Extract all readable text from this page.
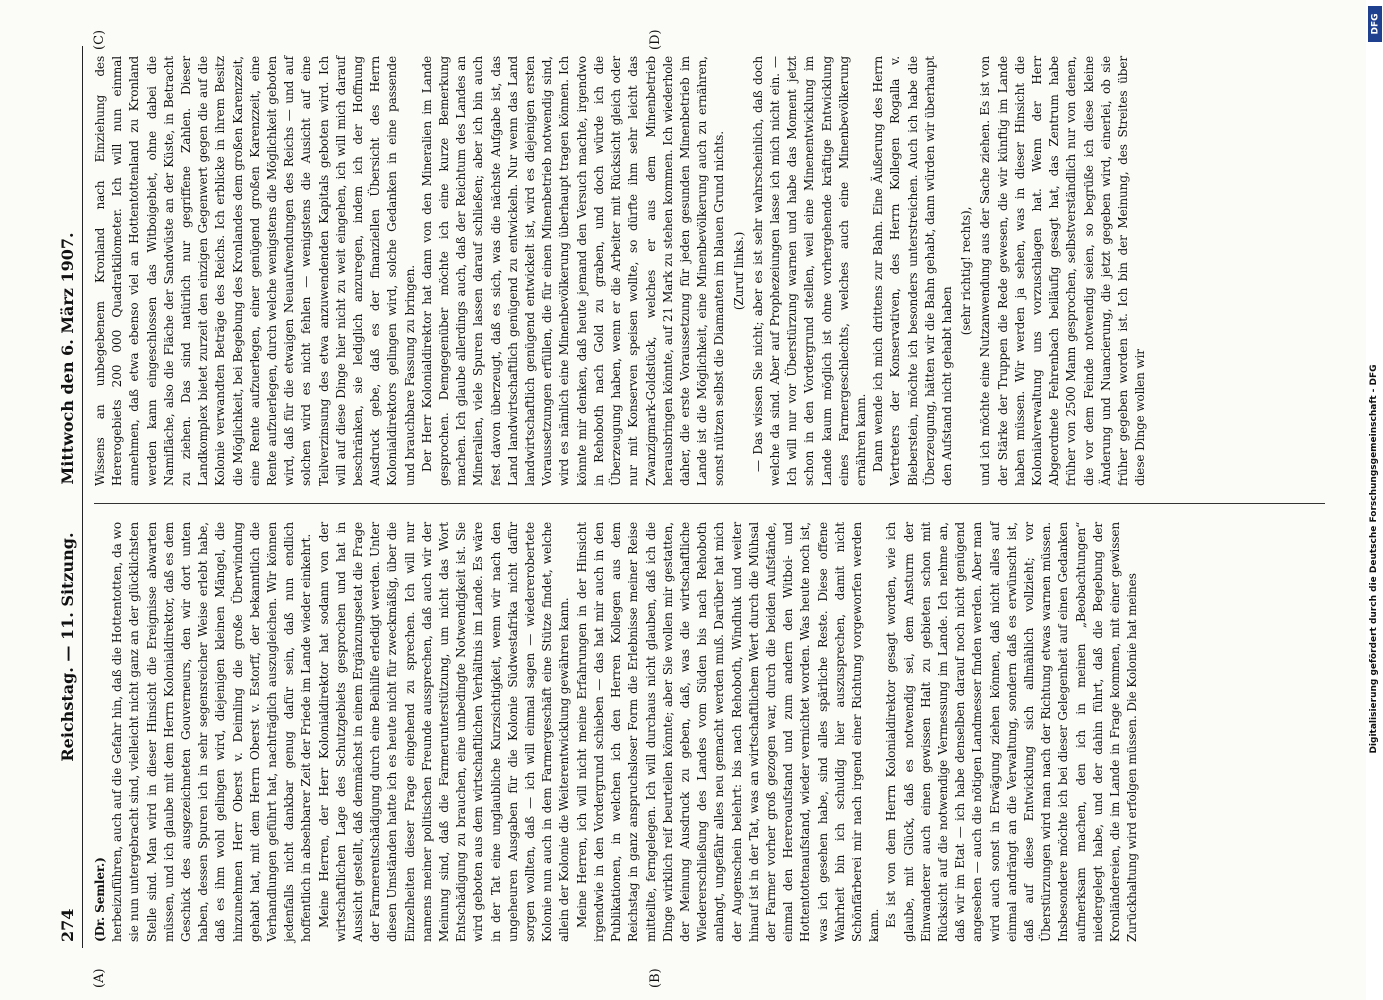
274
Reichstag. — 11. Sitzung.Mittwoch den 6. März 1907.
(A)	(B)
(C)	(D)

(Dr. Semler.) herbeizuführen, auch auf die Gefahr hin, daß die Hottentotten, da wo sie nun untergebracht sind, vielleicht nicht ganz an der glücklichsten Stelle sind. Man wird in dieser Hinsicht die Ereignisse abwarten müssen, und ich glaube mit dem Herrn Kolonialdirektor, daß es dem Geschick des ausgezeichneten Gouverneurs, den wir dort unten haben, dessen Spuren ich in sehr segensreicher Weise erlebt habe, daß es ihm wohl gelingen wird, diejenigen kleinen Mängel, die hinzunehmen Herr Oberst v. Deimling die große Überwindung gehabt hat, mit dem Herrn Oberst v. Estorff, der bekanntlich die Verhandlungen geführt hat, nachträglich auszugleichen. Wir können jedenfalls nicht dankbar genug dafür sein, daß nun endlich hoffentlich in absehbarer Zeit der Friede im Lande wieder einkehrt. Meine Herren, der Herr Kolonialdirektor hat sodann von der wirtschaftlichen Lage des Schutzgebiets gesprochen und hat in Aussicht gestellt, daß demnächst in einem Ergänzungsetat die Frage der Farmerentschädigung durch eine Beihilfe erledigt werden. Unter diesen Umständen hatte ich es heute nicht für zweckmäßig, über die Einzelheiten dieser Frage eingehend zu sprechen. Ich will nur namens meiner politischen Freunde aussprechen, daß auch wir der Meinung sind, daß die Farmerunterstützung, um nicht das Wort Entschädigung zu brauchen, eine unbedingte Notwendigkeit ist. Sie wird geboten aus dem wirtschaftlichen Verhältnis im Lande. Es wäre in der Tat eine unglaubliche Kurzsichtigkeit, wenn wir nach den ungeheuren Ausgaben für die Kolonie Südwestafrika nicht dafür sorgen wollten, daß — ich will einmal sagen — wiedererobertete Kolonie nun auch in dem Farmergeschäft eine Stütze findet, welche allein der Kolonie die Weiterentwicklung gewähren kann. Meine Herren, ich will nicht meine Erfahrungen in der Hinsicht irgendwie in den Vordergrund schieben — das hat mir auch in den Publikationen, in welchen ich den Herren Kollegen aus dem Reichstag in ganz anspruchsloser Form die Erlebnisse meiner Reise mitteilte, ferngelegen. Ich will durchaus nicht glauben, daß ich die Dinge wirklich reif beurteilen könnte; aber Sie wollen mir gestatten, der Meinung Ausdruck zu geben, daß, was die wirtschaftliche Wiedererschließung des Landes vom Süden bis nach Rehoboth anlangt, ungefähr alles neu gemacht werden muß. Darüber hat mich der Augenschein belehrt: bis nach Rehoboth, Windhuk und weiter hinauf ist in der Tat, was an wirtschaftlichem Wert durch die Mühsal der Farmer vorher groß gezogen war, durch die beiden Aufstände, einmal den Hereroaufstand und zum andern den Witboi- und Hottentottenaufstand, wieder vernichtet worden. Was heute noch ist, was ich gesehen habe, sind alles spärliche Reste. Diese offene Wahrheit bin ich schuldig hier auszusprechen, damit nicht Schönfärberei mir nach irgend einer Richtung vorgeworfen werden kann. Es ist von dem Herrn Kolonialdirektor gesagt worden, wie ich glaube, mit Glück, daß es notwendig sei, dem Ansturm der Einwanderer auch einen gewissen Halt zu gebieten schon mit Rücksicht auf die notwendige Vermessung im Lande. Ich nehme an, daß wir im Etat — ich habe denselben darauf noch nicht genügend angesehen — auch die nötigen Landmesser finden werden. Aber man wird auch sonst in Erwägung ziehen können, daß nicht alles auf einmal andrängt an die Verwaltung, sondern daß es erwünscht ist, daß auf diese Entwicklung sich allmählich vollzieht; vor Überstürzungen wird man nach der Richtung etwas warnen müssen. Insbesondere möchte ich bei dieser Gelegenheit auf einen Gedanken aufmerksam machen, den ich in meinen „Beobachtungen“ niedergelegt habe, und der dahin führt, daß die Begebung der Kronländereien, die im Lande in Frage kommen, mit einer gewissen Zurückhaltung wird erfolgen müssen. Die Kolonie hat meines

Wissens an unbegebenem Kronland nach Einziehung des Hererogebiets 200 000 Quadratkilometer. Ich will nun einmal annehmen, daß etwa ebenso viel an Hottentottenland zu Kronland werden kann eingeschlossen das Witboigebiet, ohne dabei die Namifläche, also die Fläche der Sandwüste an der Küste, in Betracht zu ziehen. Das sind natürlich nur gegriffene Zahlen. Dieser Landkomplex bietet zurzeit den einzigen Gegenwert gegen die auf die Kolonie verwandten Beträge des Reichs. Ich erblicke in ihrem Besitz die Möglichkeit, bei Begebung des Kronlandes dem großen Karenzzeit, eine Rente aufzuerlegen, einer genügend großen Karenzzeit, eine Rente aufzuerlegen, durch welche wenigstens die Möglichkeit geboten wird, daß für die etwaigen Neuaufwendungen des Reichs — und auf solchen wird es nicht fehlen — wenigstens die Ausicht auf eine Teilverzinsung des etwa anzuwendenden Kapitals geboten wird. Ich will auf diese Dinge hier nicht zu weit eingehen, ich will mich darauf beschränken, sie lediglich anzuregen, indem ich der Hoffnung Ausdruck gebe, daß es der finanziellen Übersicht des Herrn Kolonialdirektors gelingen wird, solche Gedanken in eine passende und brauchbare Fassung zu bringen. Der Herr Kolonialdirektor hat dann von den Mineralien im Lande gesprochen. Demgegenüber möchte ich eine kurze Bemerkung machen. Ich glaube allerdings auch, daß der Reichtum des Landes an Mineralien, viele Spuren lassen darauf schließen; aber ich bin auch fest davon überzeugt, daß es sich, was die nächste Aufgabe ist, das Land landwirtschaftlich genügend zu entwickeln. Nur wenn das Land landwirtschaftlich genügend entwickelt ist, wird es diejenigen ersten Voraussetzungen erfüllen, die für einen Minenbetrieb notwendig sind, wird es nämlich eine Minenbevölkerung überhaupt tragen können. Ich könnte mir denken, daß heute jemand den Versuch machte, irgendwo in Rehoboth nach Gold zu graben, und doch würde ich die Überzeugung haben, wenn er die Arbeiter mit Rücksicht gleich oder nur mit Konserven speisen wollte, so dürfte ihm sehr leicht das Zwanzigmark-Goldstück, welches er aus dem Minenbetrieb herausbringen könnte, auf 21 Mark zu stehen kommen. Ich wiederhole daher, die erste Voraussetzung für jeden gesunden Minenbetrieb im Lande ist die Möglichkeit, eine Minenbevölkerung auch zu ernähren, sonst nützen selbst die Diamanten im blauen Grund nichts. (Zuruf links.) — Das wissen Sie nicht; aber es ist sehr wahrscheinlich, daß doch welche da sind. Aber auf Prophezeiungen lasse ich mich nicht ein. — Ich will nur vor Überstürzung warnen und habe das Moment jetzt schon in den Vordergrund stellen, weil eine Minenentwicklung im Lande kaum möglich ist ohne vorhergehende kräftige Entwicklung eines Farmergeschlechts, welches auch eine Minenbevölkerung ernähren kann. Dann wende ich mich drittens zur Bahn. Eine Äußerung des Herrn Vertreters der Konservativen, des Herrn Kollegen Rogalla v. Bieberstein, möchte ich besonders unterstreichen. Auch ich habe die Überzeugung, hätten wir die Bahn gehabt, dann würden wir überhaupt den Aufstand nicht gehabt haben

(sehr richtig! rechts), und ich möchte eine Nutzanwendung aus der Sache ziehen. Es ist von der Stärke der Truppen die Rede gewesen, die wir künftig im Lande haben müssen. Wir werden ja sehen, was in dieser Hinsicht die Kolonialverwaltung uns vorzuschlagen hat. Wenn der Herr Abgeordnete Fehrenbach beiläufig gesagt hat, das Zentrum habe früher von 2500 Mann gesprochen, selbstverständlich nur von denen, die vor dem Feinde notwendig seien, so begrüße ich diese kleine Änderung und Nuancierung, die jetzt gegeben wird, einerlei, ob sie früher gegeben worden ist. Ich bin der Meinung, des Streites über diese Dinge wollen wir

DFG
Digitalisierung gefördert durch die Deutsche Forschungsgemeinschaft - DFG
